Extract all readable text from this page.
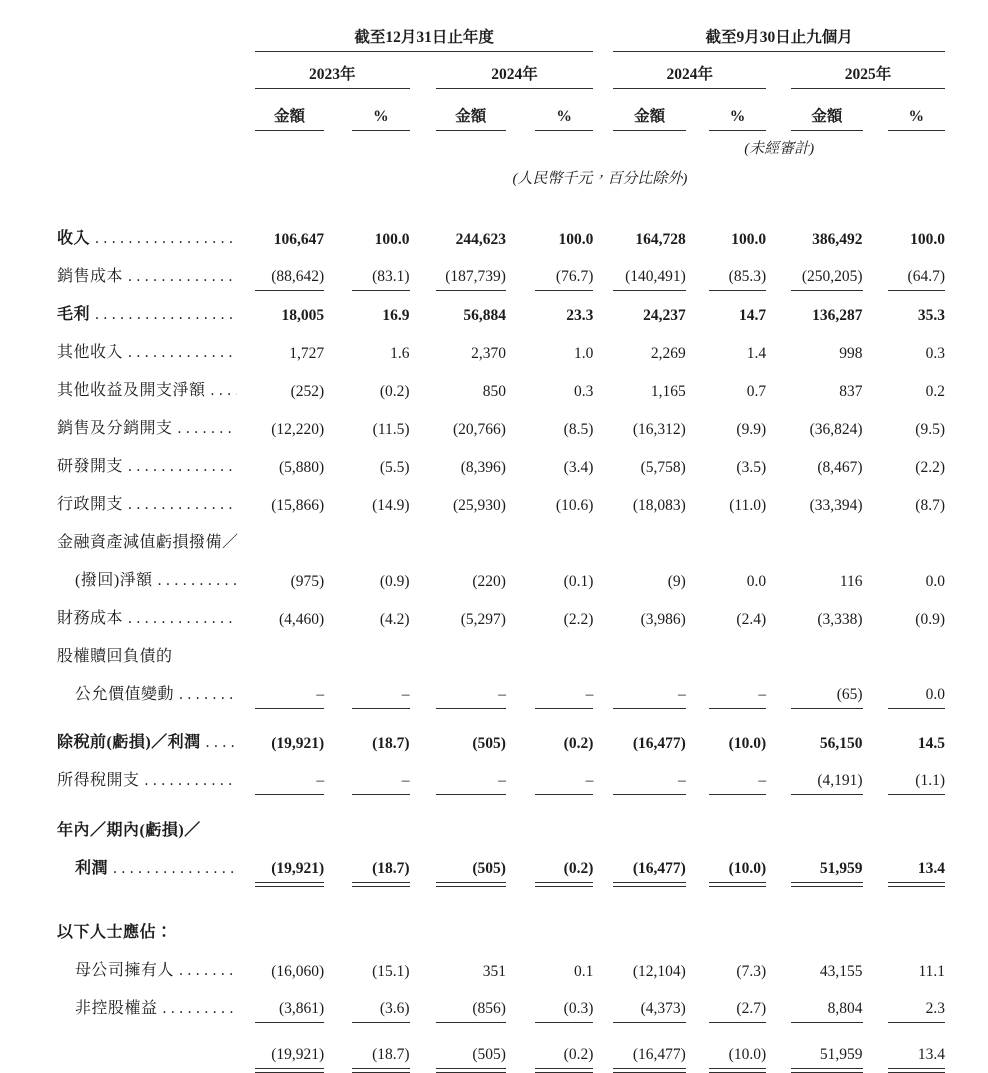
	截至12月31日止年度				截至9月30日止九個月			

	2023年		2024年		2024年		2025年	

	金額	%	金額	%	金額	%	金額	%

					(未經審計)			

	(人民幣千元，百分比除外)							

收入
.....	106,647	100.0	244,623	100.0	164,728	100.0	386,492	100.0

銷售成本
.....	(88,642)	(83.1)	(187,739)	(76.7)	(140,491)	(85.3)	(250,205)	(64.7)

毛利
.....	18,005	16.9	56,884	23.3	24,237	14.7	136,287	35.3

其他收入
.....	1,727	1.6	2,370	1.0	2,269	1.4	998	0.3

其他收益及開支淨額
.....	(252)	(0.2)	850	0.3	1,165	0.7	837	0.2

銷售及分銷開支
.....	(12,220)	(11.5)	(20,766)	(8.5)	(16,312)	(9.9)	(36,824)	(9.5)

研發開支
.....	(5,880)	(5.5)	(8,396)	(3.4)	(5,758)	(3.5)	(8,467)	(2.2)

行政開支
.....	(15,866)	(14.9)	(25,930)	(10.6)	(18,083)	(11.0)	(33,394)	(8.7)

金融資產減值虧損撥備／								

(撥回)淨額
.....	(975)	(0.9)	(220)	(0.1)	(9)	0.0	116	0.0

財務成本
.....	(4,460)	(4.2)	(5,297)	(2.2)	(3,986)	(2.4)	(3,338)	(0.9)

股權贖回負債的								

公允價值變動
.....	–	–	–	–	–	–	(65)	0.0

除稅前(虧損)／利潤
.....	(19,921)	(18.7)	(505)	(0.2)	(16,477)	(10.0)	56,150	14.5

所得稅開支
.....	–	–	–	–	–	–	(4,191)	(1.1)

年內／期內(虧損)／								

利潤
.....	(19,921)	(18.7)	(505)	(0.2)	(16,477)	(10.0)	51,959	13.4

以下人士應佔：								

母公司擁有人
.....	(16,060)	(15.1)	351	0.1	(12,104)	(7.3)	43,155	11.1

非控股權益
.....	(3,861)	(3.6)	(856)	(0.3)	(4,373)	(2.7)	8,804	2.3

	(19,921)	(18.7)	(505)	(0.2)	(16,477)	(10.0)	51,959	13.4
